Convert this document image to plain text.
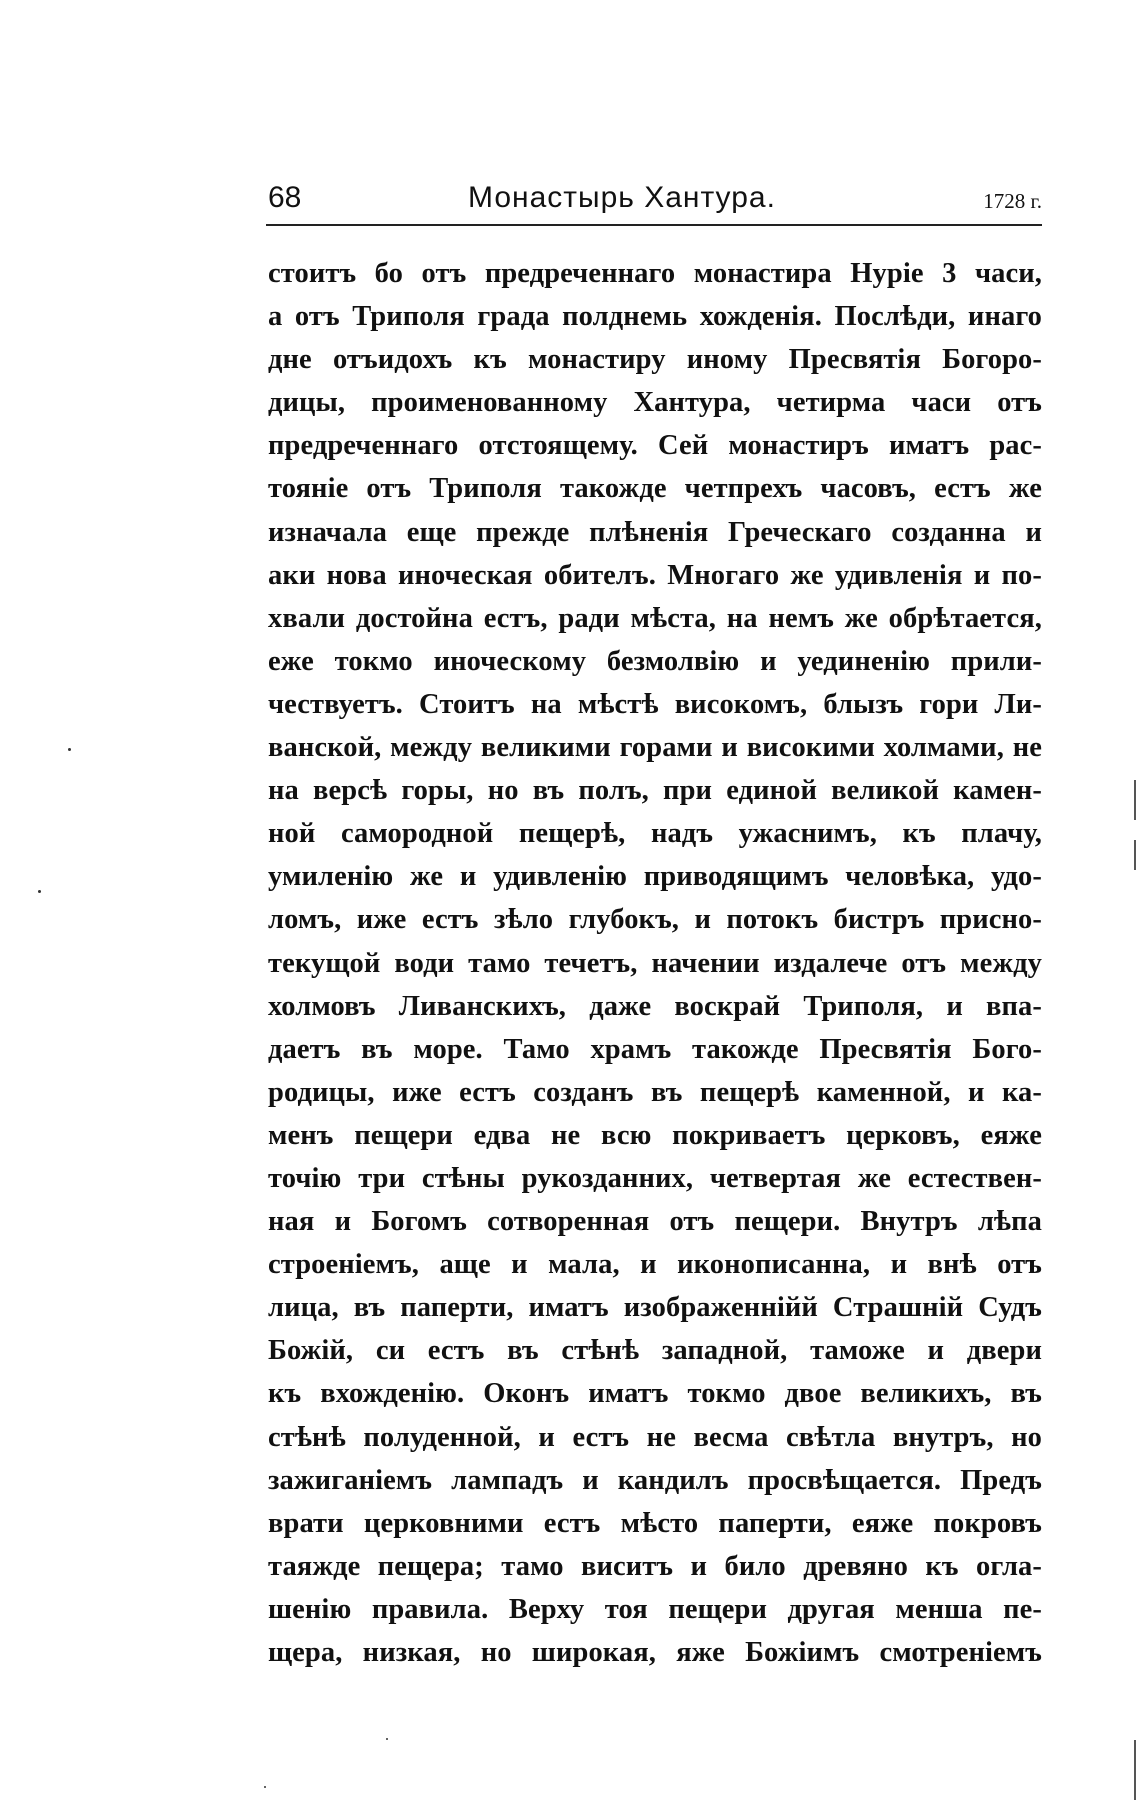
68	Монастырь Хантура.	1728 г.
стоитъ бо отъ предреченнаго монастира Нуріе 3 часи,
а отъ Триполя града полднемь хожденія. Послѣди, инаго
дне отъидохъ къ монастиру иному Пресвятія Богоро-
дицы, проименованному Хантура, четирма часи отъ
предреченнаго отстоящему. Сей монастиръ иматъ рас-
тояніе отъ Триполя такожде четпрехъ часовъ, естъ же
изначала еще прежде плѣненія Греческаго созданна и
аки нова иноческая обителъ. Многаго же удивленія и по-
хвали достойна естъ, ради мѣста, на немъ же обрѣтается,
еже токмо иноческому безмолвію и уединенію прили-
чествуетъ. Стоитъ на мѣстѣ високомъ, блызъ гори Ли-
ванской, между великими горами и високими холмами, не
на версѣ горы, но въ полъ, при единой великой камен-
ной самородной пещерѣ, надъ ужаснимъ, къ плачу,
умиленію же и удивленію приводящимъ человѣка, удо-
ломъ, иже естъ зѣло глубокъ, и потокъ бистръ присно-
текущой води тамо течетъ, начении издалече отъ между
холмовъ Ливанскихъ, даже воскрай Триполя, и впа-
даетъ въ море. Тамо храмъ такожде Пресвятія Бого-
родицы, иже естъ созданъ въ пещерѣ каменной, и ка-
менъ пещери едва не всю покриваетъ церковъ, еяже
точію три стѣны рукозданних, четвертая же естествен-
ная и Богомъ сотворенная отъ пещери. Внутръ лѣпа
строеніемъ, аще и мала, и иконописанна, и внѣ отъ
лица, въ паперти, иматъ изображеннійй Страшній Судъ
Божій, си естъ въ стѣнѣ западной, таможе и двери
къ вхожденію. Оконъ иматъ токмо двое великихъ, въ
стѣнѣ полуденной, и естъ не весма свѣтла внутръ, но
зажиганіемъ лампадъ и кандилъ просвѣщается. Предъ
врати церковними естъ мѣсто паперти, еяже покровъ
таяжде пещера; тамо виситъ и било древяно къ огла-
шенію правила. Верху тоя пещери другая менша пе-
щера, низкая, но широкая, яже Божіимъ смотреніемъ
